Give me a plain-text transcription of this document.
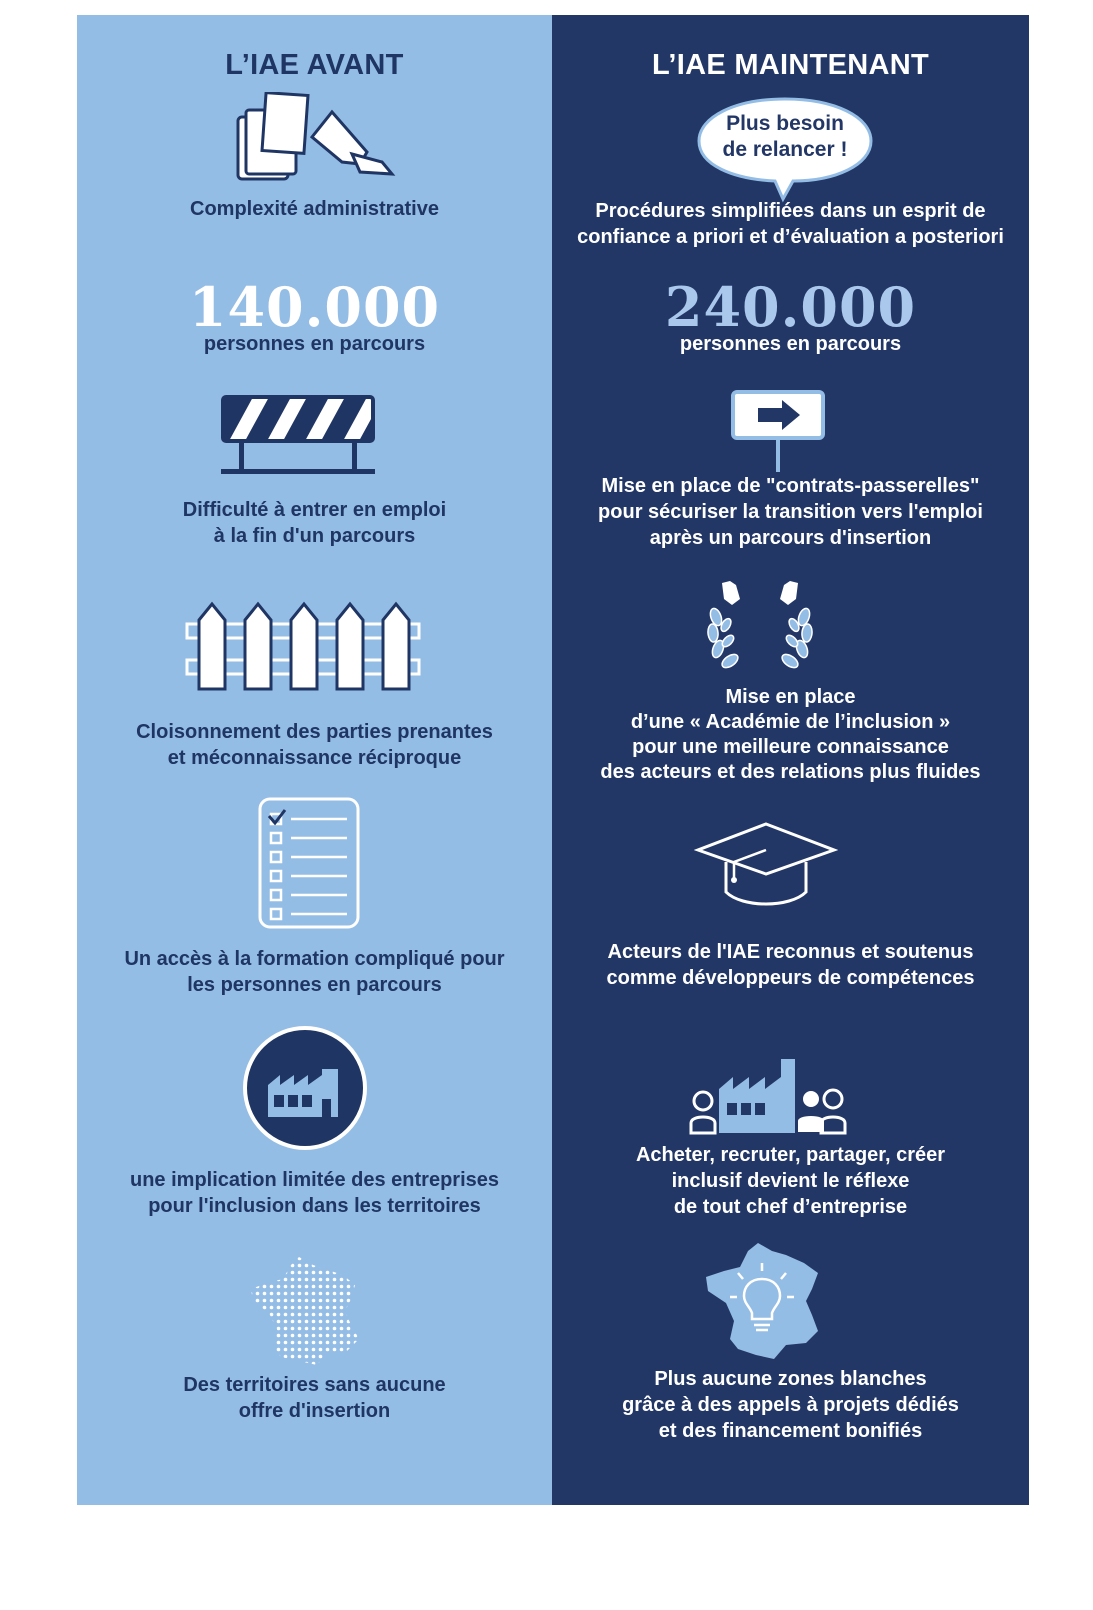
L’IAE AVANT
Complexité administrative
140.000
personnes en parcours
Difficulté à entrer en emploi
à la fin d'un parcours
Cloisonnement des parties prenantes
et méconnaissance réciproque
Un accès à la formation compliqué pour
les personnes en parcours
une implication limitée des entreprises
pour l'inclusion dans les territoires
Des territoires sans aucune
offre d'insertion
L’IAE MAINTENANT
Plus besoin
de relancer !
Procédures simplifiées dans un esprit de
confiance a priori et d’évaluation a posteriori
240.000
personnes en parcours
Mise en place de "contrats-passerelles"
pour sécuriser la transition vers l'emploi
après un parcours d'insertion
Mise en place
d’une « Académie de l’inclusion »
pour une meilleure connaissance
des acteurs et des relations plus fluides
Acteurs de l'IAE reconnus et soutenus
comme développeurs de compétences
Acheter, recruter, partager, créer
inclusif devient le réflexe
de tout chef d’entreprise
Plus aucune zones blanches
grâce à des appels à projets dédiés
et des financement bonifiés
